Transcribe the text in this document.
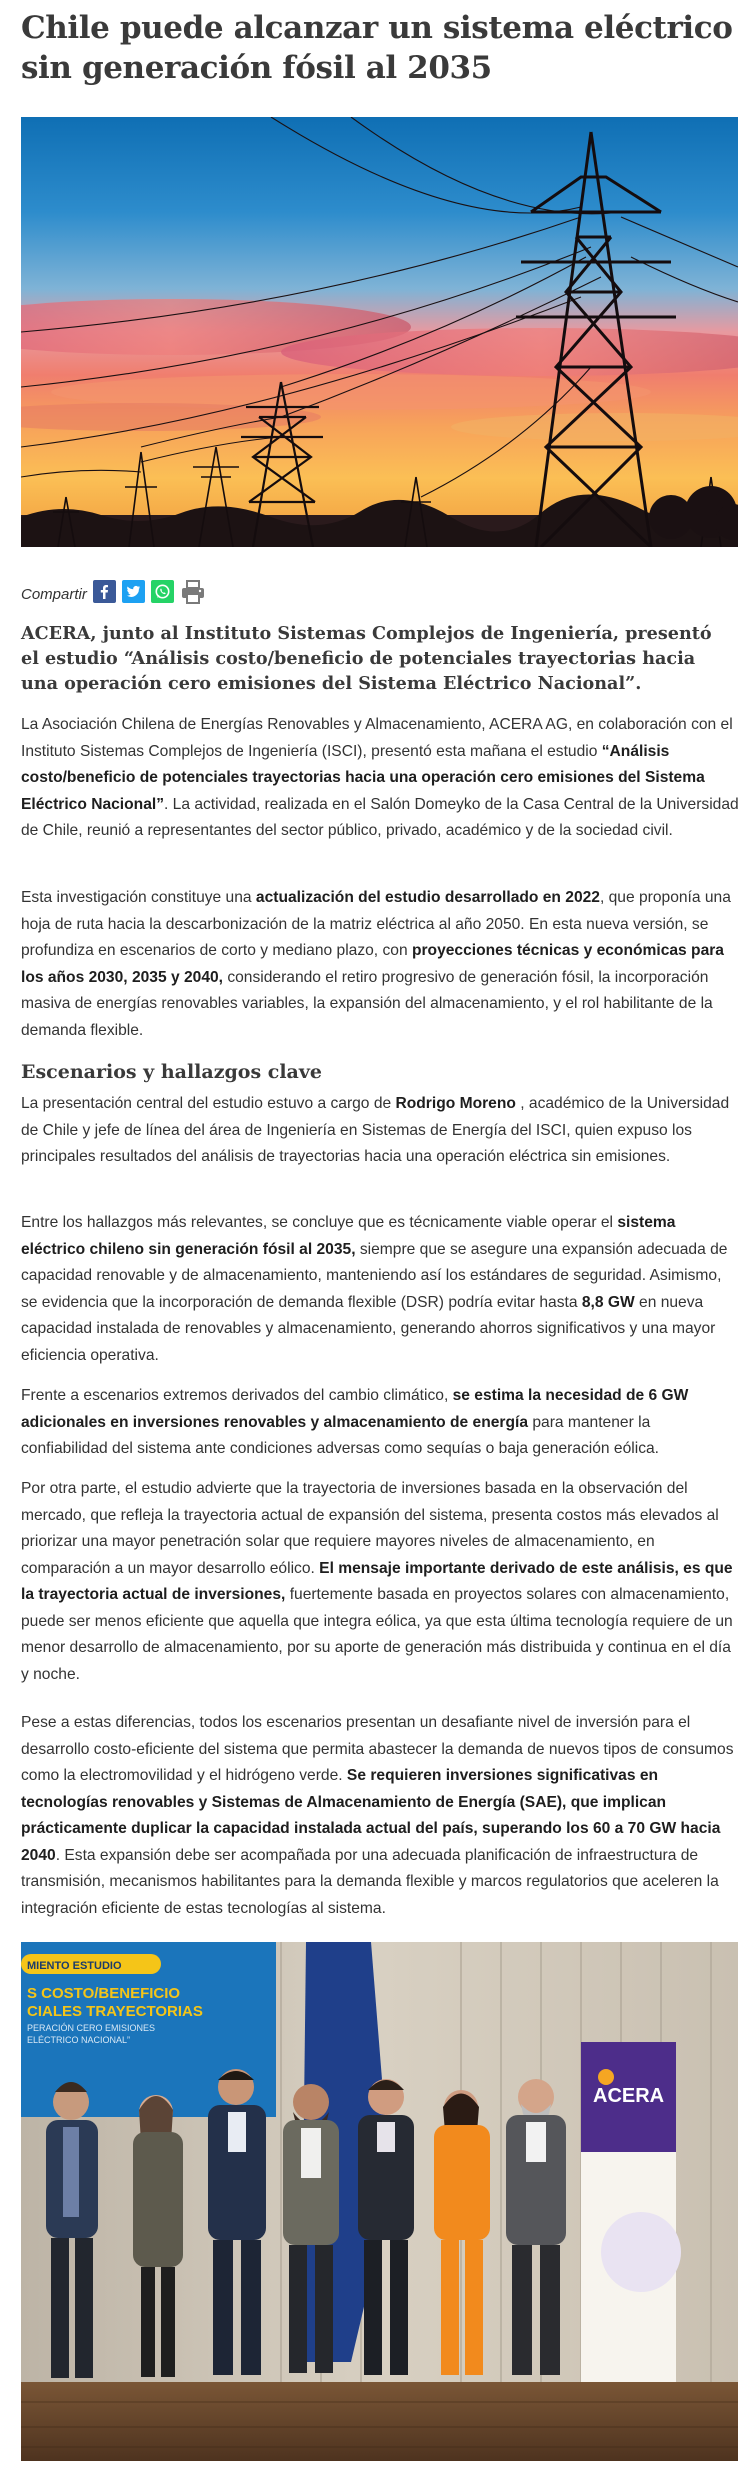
Chile puede alcanzar un sistema eléctrico sin generación fósil al 2035
Compartir

ACERA, junto al Instituto Sistemas Complejos de Ingeniería, presentó el estudio “Análisis costo/beneficio de potenciales trayectorias hacia una operación cero emisiones del Sistema Eléctrico Nacional”.

La Asociación Chilena de Energías Renovables y Almacenamiento, ACERA AG, en colaboración con el Instituto Sistemas Complejos de Ingeniería (ISCI), presentó esta mañana el estudio “Análisis costo/beneficio de potenciales trayectorias hacia una operación cero emisiones del Sistema Eléctrico Nacional”. La actividad, realizada en el Salón Domeyko de la Casa Central de la Universidad de Chile, reunió a representantes del sector público, privado, académico y de la sociedad civil.

Esta investigación constituye una actualización del estudio desarrollado en 2022, que proponía una hoja de ruta hacia la descarbonización de la matriz eléctrica al año 2050. En esta nueva versión, se profundiza en escenarios de corto y mediano plazo, con proyecciones técnicas y económicas para los años 2030, 2035 y 2040, considerando el retiro progresivo de generación fósil, la incorporación masiva de energías renovables variables, la expansión del almacenamiento, y el rol habilitante de la demanda flexible.

Escenarios y hallazgos clave

La presentación central del estudio estuvo a cargo de Rodrigo Moreno , académico de la Universidad de Chile y jefe de línea del área de Ingeniería en Sistemas de Energía del ISCI, quien expuso los principales resultados del análisis de trayectorias hacia una operación eléctrica sin emisiones.

Entre los hallazgos más relevantes, se concluye que es técnicamente viable operar el sistema eléctrico chileno sin generación fósil al 2035, siempre que se asegure una expansión adecuada de capacidad renovable y de almacenamiento, manteniendo así los estándares de seguridad. Asimismo, se evidencia que la incorporación de demanda flexible (DSR) podría evitar hasta 8,8 GW en nueva capacidad instalada de renovables y almacenamiento, generando ahorros significativos y una mayor eficiencia operativa.

Frente a escenarios extremos derivados del cambio climático, se estima la necesidad de 6 GW adicionales en inversiones renovables y almacenamiento de energía para mantener la confiabilidad del sistema ante condiciones adversas como sequías o baja generación eólica.

Por otra parte, el estudio advierte que la trayectoria de inversiones basada en la observación del mercado, que refleja la trayectoria actual de expansión del sistema, presenta costos más elevados al priorizar una mayor penetración solar que requiere mayores niveles de almacenamiento, en comparación a un mayor desarrollo eólico. El mensaje importante derivado de este análisis, es que la trayectoria actual de inversiones, fuertemente basada en proyectos solares con almacenamiento, puede ser menos eficiente que aquella que integra eólica, ya que esta última tecnología requiere de un menor desarrollo de almacenamiento, por su aporte de generación más distribuida y continua en el día y noche.

Pese a estas diferencias, todos los escenarios presentan un desafiante nivel de inversión para el desarrollo costo-eficiente del sistema que permita abastecer la demanda de nuevos tipos de consumos como la electromovilidad y el hidrógeno verde. Se requieren inversiones significativas en tecnologías renovables y Sistemas de Almacenamiento de Energía (SAE), que implican prácticamente duplicar la capacidad instalada actual del país, superando los 60 a 70 GW hacia 2040. Esta expansión debe ser acompañada por una adecuada planificación de infraestructura de transmisión, mecanismos habilitantes para la demanda flexible y marcos regulatorios que aceleren la integración eficiente de estas tecnologías al sistema.

MIENTO ESTUDIO
S COSTO/BENEFICIO
CIALES TRAYECTORIAS
PERACIÓN CERO EMISIONES
ELÉCTRICO NACIONAL”
ACERA
